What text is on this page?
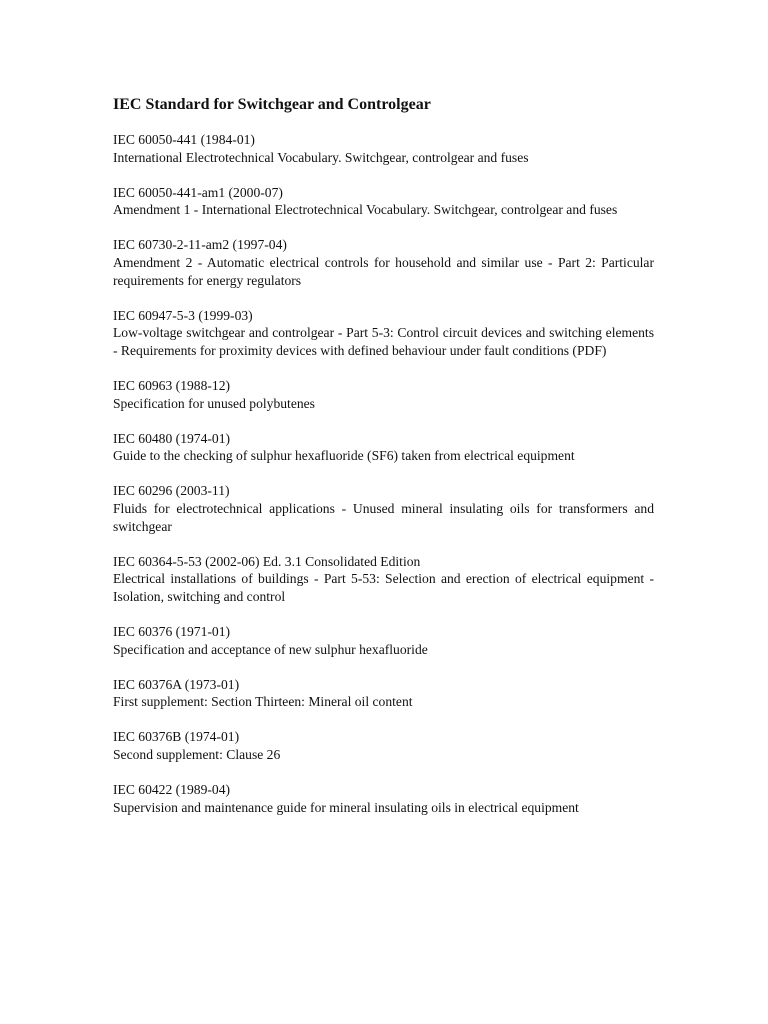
IEC Standard for Switchgear and Controlgear

IEC 60050-441 (1984-01)

International Electrotechnical Vocabulary. Switchgear, controlgear and fuses

IEC 60050-441-am1 (2000-07)

Amendment 1 - International Electrotechnical Vocabulary. Switchgear, controlgear and fuses

IEC 60730-2-11-am2 (1997-04)

Amendment 2 - Automatic electrical controls for household and similar use - Part 2: Particular requirements for energy regulators

IEC 60947-5-3 (1999-03)

Low-voltage switchgear and controlgear - Part 5-3: Control circuit devices and switching elements - Requirements for proximity devices with defined behaviour under fault conditions (PDF)

IEC 60963 (1988-12)

Specification for unused polybutenes

IEC 60480 (1974-01)

Guide to the checking of sulphur hexafluoride (SF6) taken from electrical equipment

IEC 60296 (2003-11)

Fluids for electrotechnical applications - Unused mineral insulating oils for transformers and switchgear

IEC 60364-5-53 (2002-06) Ed. 3.1 Consolidated Edition

Electrical installations of buildings - Part 5-53: Selection and erection of electrical equipment - Isolation, switching and control

IEC 60376 (1971-01)

Specification and acceptance of new sulphur hexafluoride

IEC 60376A (1973-01)

First supplement: Section Thirteen: Mineral oil content

IEC 60376B (1974-01)

Second supplement: Clause 26

IEC 60422 (1989-04)

Supervision and maintenance guide for mineral insulating oils in electrical equipment
